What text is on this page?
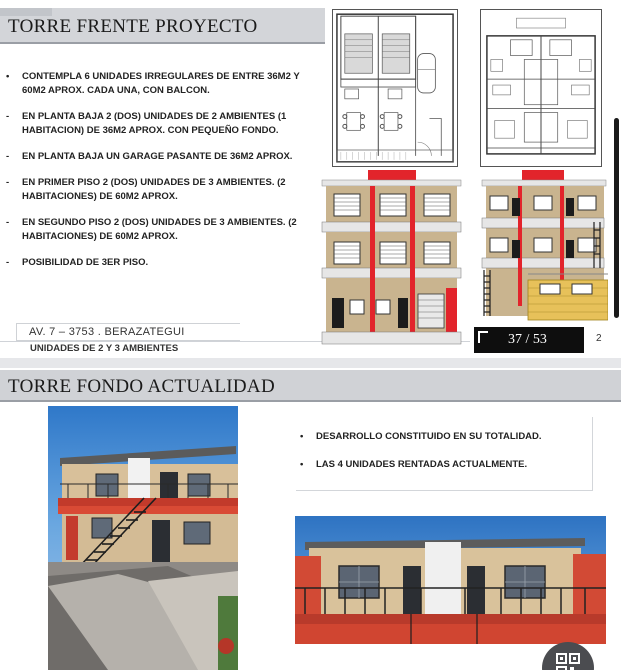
TORRE FRENTE PROYECTO
• CONTEMPLA 6 UNIDADES IRREGULARES DE ENTRE 36M2 Y 60M2 APROX. CADA UNA, CON BALCON.
- EN PLANTA BAJA 2 (DOS) UNIDADES DE 2 AMBIENTES (1 HABITACION) DE 36M2 APROX. CON PEQUEÑO FONDO.
- EN PLANTA BAJA UN GARAGE PASANTE DE 36M2 APROX.
- EN PRIMER PISO 2 (DOS) UNIDADES DE 3 AMBIENTES. (2 HABITACIONES) DE 60M2 APROX.
- EN SEGUNDO PISO 2 (DOS) UNIDADES DE 3 AMBIENTES. (2 HABITACIONES) DE 60M2 APROX.
- POSIBILIDAD DE 3ER PISO.
AV. 7 – 3753 . BERAZATEGUI
UNIDADES DE 2 Y 3 AMBIENTES
37 / 53	2
TORRE FONDO ACTUALIDAD
• DESARROLLO CONSTITUIDO EN SU TOTALIDAD.
• LAS 4 UNIDADES RENTADAS ACTUALMENTE.
